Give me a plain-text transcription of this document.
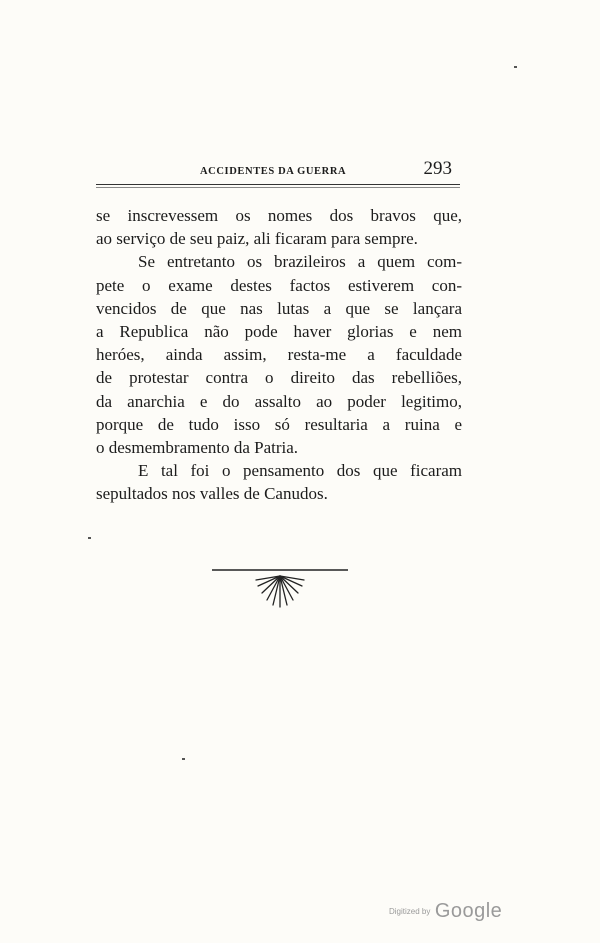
ACCIDENTES DA GUERRA	293
se inscrevessem os nomes dos bravos que,
ao serviço de seu paiz, ali ficaram para sempre.
Se entretanto os brazileiros a quem com-
pete o exame destes factos estiverem con-
vencidos de que nas lutas a que se lançara
a Republica não pode haver glorias e nem
heróes, ainda assim, resta-me a faculdade
de protestar contra o direito das rebelliões,
da anarchia e do assalto ao poder legitimo,
porque de tudo isso só resultaria a ruina e
o desmembramento da Patria.
E tal foi o pensamento dos que ficaram
sepultados nos valles de Canudos.
Digitized by Google
